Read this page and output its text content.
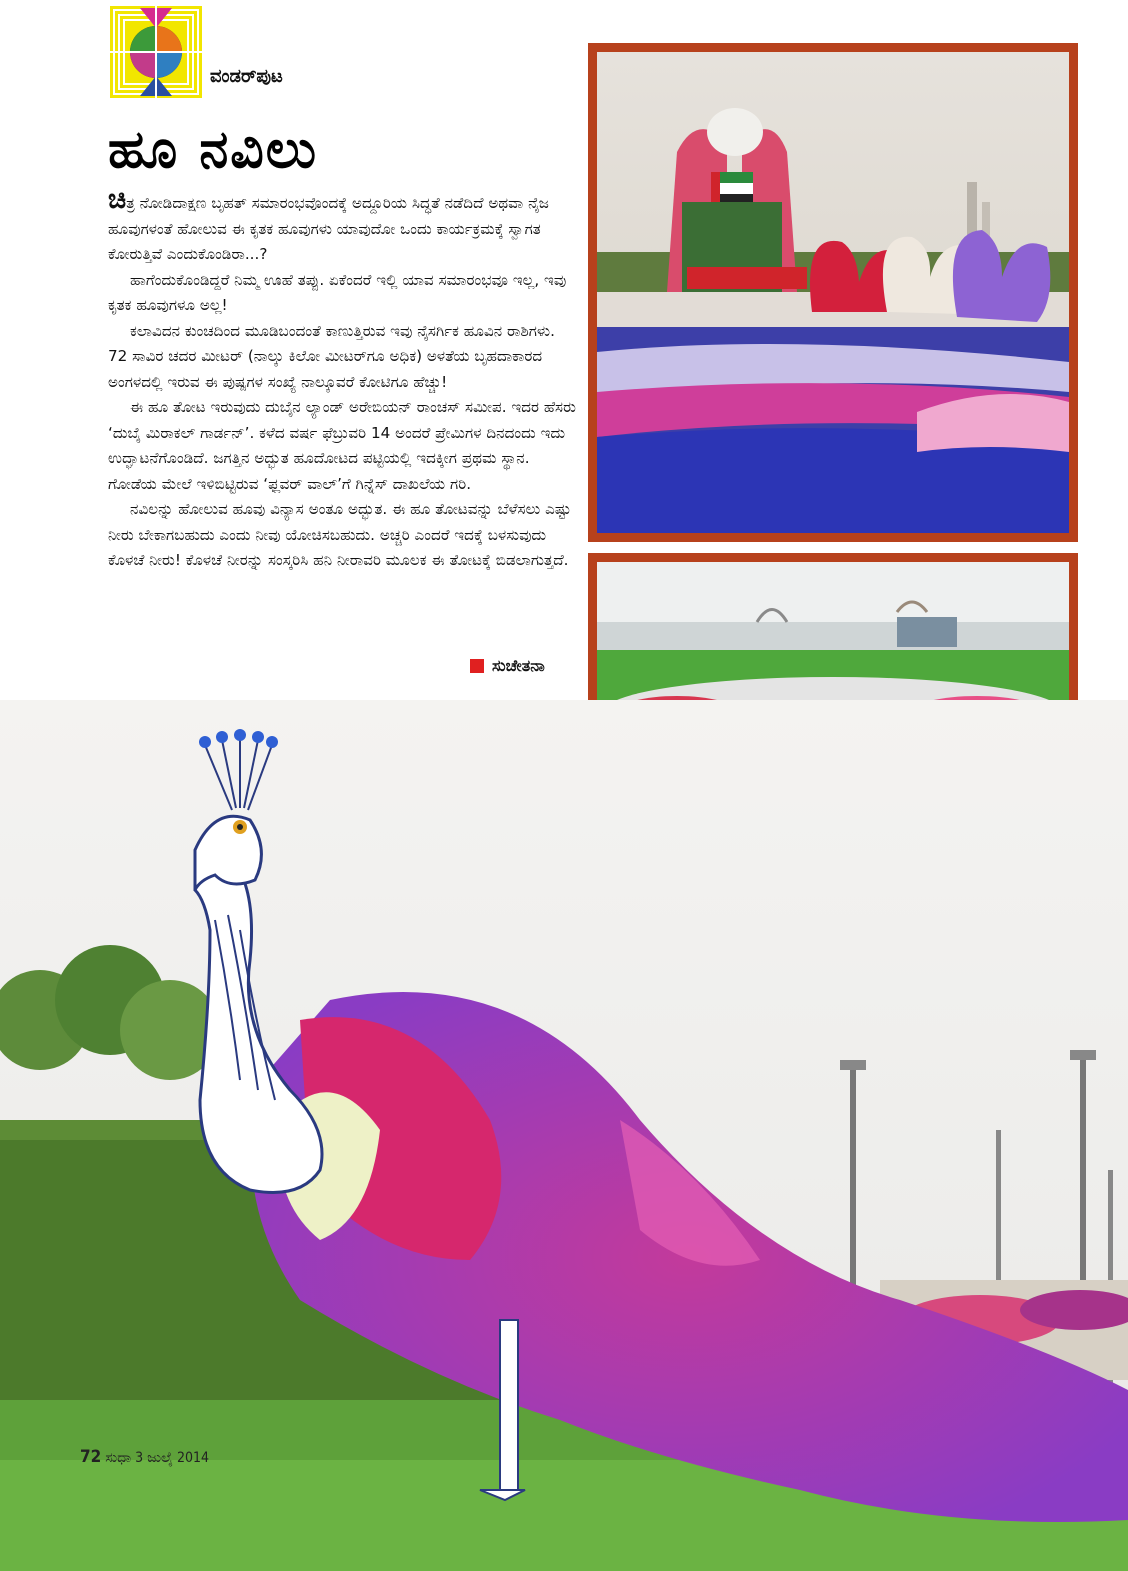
ವಂಡರ್‌ಪುಟ
ಹೂ ನವಿಲು

ಚಿತ್ರ ನೋಡಿದಾಕ್ಷಣ ಬೃಹತ್ ಸಮಾರಂಭವೊಂದಕ್ಕೆ ಅದ್ದೂರಿಯ ಸಿದ್ಧತೆ ನಡೆದಿದೆ ಅಥವಾ ನೈಜ ಹೂವುಗಳಂತೆ ಹೋಲುವ ಈ ಕೃತಕ ಹೂವುಗಳು ಯಾವುದೋ ಒಂದು ಕಾರ್ಯಕ್ರಮಕ್ಕೆ ಸ್ವಾಗತ ಕೋರುತ್ತಿವೆ ಎಂದುಕೊಂಡಿರಾ...?

ಹಾಗೆಂದುಕೊಂಡಿದ್ದರೆ ನಿಮ್ಮ ಊಹೆ ತಪ್ಪು. ಏಕೆಂದರೆ ಇಲ್ಲಿ ಯಾವ ಸಮಾರಂಭವೂ ಇಲ್ಲ, ಇವು ಕೃತಕ ಹೂವುಗಳೂ ಅಲ್ಲ!

ಕಲಾವಿದನ ಕುಂಚದಿಂದ ಮೂಡಿಬಂದಂತೆ ಕಾಣುತ್ತಿರುವ ಇವು ನೈಸರ್ಗಿಕ ಹೂವಿನ ರಾಶಿಗಳು. 72 ಸಾವಿರ ಚದರ ಮೀಟರ್ (ನಾಲ್ಕು ಕಿಲೋ ಮೀಟರ್‌ಗೂ ಅಧಿಕ) ಅಳತೆಯ ಬೃಹದಾಕಾರದ ಅಂಗಳದಲ್ಲಿ ಇರುವ ಈ ಪುಷ್ಪಗಳ ಸಂಖ್ಯೆ ನಾಲ್ಕೂವರೆ ಕೋಟಿಗೂ ಹೆಚ್ಚು!

ಈ ಹೂ ತೋಟ ಇರುವುದು ದುಬೈನ ಲ್ಯಾಂಡ್ ಅರೇಬಿಯನ್ ರಾಂಚಸ್ ಸಮೀಪ. ಇದರ ಹೆಸರು ‘ದುಬೈ ಮಿರಾಕಲ್ ಗಾರ್ಡನ್’. ಕಳೆದ ವರ್ಷ ಫೆಬ್ರುವರಿ 14 ಅಂದರೆ ಪ್ರೇಮಿಗಳ ದಿನದಂದು ಇದು ಉದ್ಘಾಟನೆಗೊಂಡಿದೆ. ಜಗತ್ತಿನ ಅದ್ಭುತ ಹೂದೋಟದ ಪಟ್ಟಿಯಲ್ಲಿ ಇದಕ್ಕೀಗ ಪ್ರಥಮ ಸ್ಥಾನ. ಗೋಡೆಯ ಮೇಲೆ ಇಳಿಬಿಟ್ಟಿರುವ ‘ಫ್ಲವರ್ ವಾಲ್’ಗೆ ಗಿನ್ನೆಸ್ ದಾಖಲೆಯ ಗರಿ.

ನವಿಲನ್ನು ಹೋಲುವ ಹೂವು ವಿನ್ಯಾಸ ಅಂತೂ ಅದ್ಭುತ. ಈ ಹೂ ತೋಟವನ್ನು ಬೆಳೆಸಲು ಎಷ್ಟು ನೀರು ಬೇಕಾಗಬಹುದು ಎಂದು ನೀವು ಯೋಚಿಸಬಹುದು. ಅಚ್ಚರಿ ಎಂದರೆ ಇದಕ್ಕೆ ಬಳಸುವುದು ಕೊಳಚೆ ನೀರು! ಕೊಳಚೆ ನೀರನ್ನು ಸಂಸ್ಕರಿಸಿ ಹನಿ ನೀರಾವರಿ ಮೂಲಕ ಈ ತೋಟಕ್ಕೆ ಬಿಡಲಾಗುತ್ತದೆ.

ಸುಚೇತನಾ
72 ಸುಧಾ 3 ಜುಲೈ 2014
